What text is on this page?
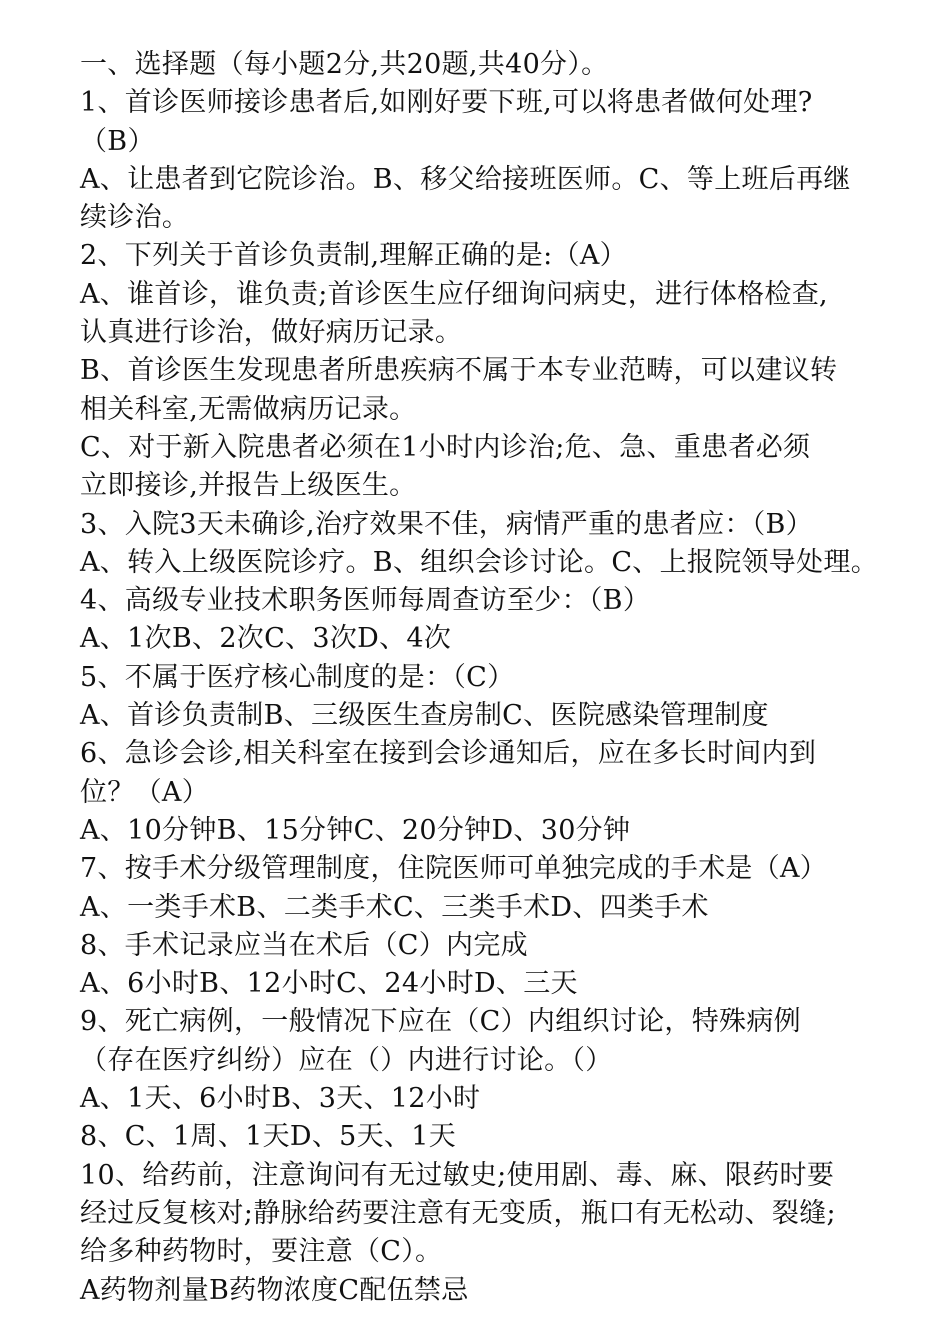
一、选择题（每小题2分,共20题,共40分）。
1、首诊医师接诊患者后,如刚好要下班,可以将患者做何处理?
（B）
A、让患者到它院诊治。B、移父给接班医师。C、等上班后再继
续诊治。
2、下列关于首诊负责制,理解正确的是:（A）
A、谁首诊，谁负责;首诊医生应仔细询问病史，进行体格检查,
认真进行诊治，做好病历记录。
B、首诊医生发现患者所患疾病不属于本专业范畴，可以建议转
相关科室,无需做病历记录。
C、对于新入院患者必须在1小时内诊治;危、急、重患者必须
立即接诊,并报告上级医生。
3、入院3天未确诊,治疗效果不佳，病情严重的患者应：（B）
A、转入上级医院诊疗。B、组织会诊讨论。C、上报院领导处理。
4、高级专业技术职务医师每周查访至少：（B）
A、1次B、2次C、3次D、4次
5、不属于医疗核心制度的是：（C）
A、首诊负责制B、三级医生查房制C、医院感染管理制度
6、急诊会诊,相关科室在接到会诊通知后，应在多长时间内到
位？（A）
A、10分钟B、15分钟C、20分钟D、30分钟
7、按手术分级管理制度，住院医师可单独完成的手术是（A）
A、一类手术B、二类手术C、三类手术D、四类手术
8、手术记录应当在术后（C）内完成
A、6小时B、12小时C、24小时D、三天
9、死亡病例，一般情况下应在（C）内组织讨论，特殊病例
（存在医疗纠纷）应在（）内进行讨论。（）
A、1天、6小时B、3天、12小时
8、C、1周、1天D、5天、1天
10、给药前，注意询问有无过敏史;使用剧、毒、麻、限药时要
经过反复核对;静脉给药要注意有无变质，瓶口有无松动、裂缝;
给多种药物时，要注意（C）。
A药物剂量B药物浓度C配伍禁忌
